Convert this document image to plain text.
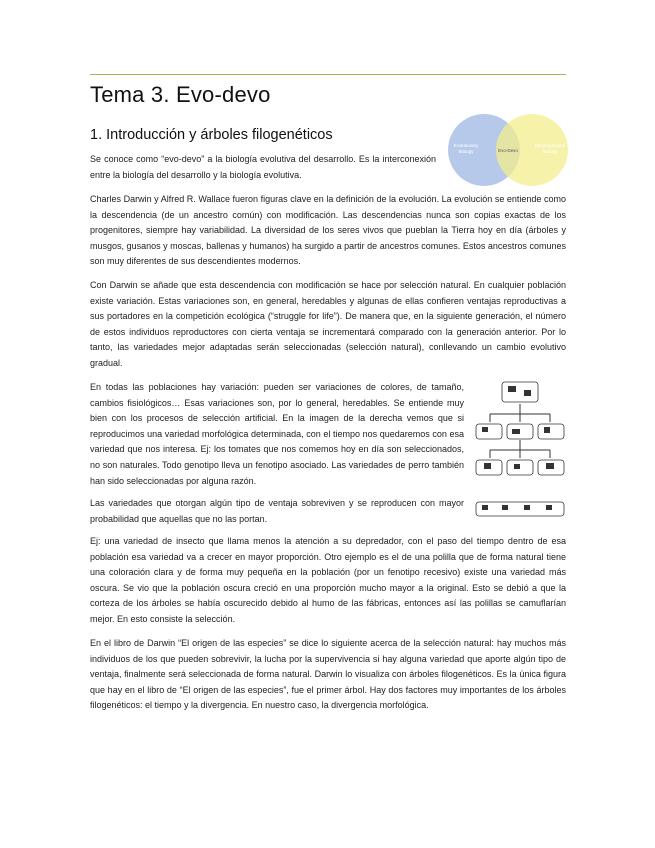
Tema 3. Evo-devo
1. Introducción y árboles filogenéticos
Evolutionary
Biology	Evo-Devo
Developmental
Biology
Se conoce como “evo-devo” a la biología evolutiva del desarrollo. Es la interconexión entre la biología del desarrollo y la biología evolutiva.
Charles Darwin y Alfred R. Wallace fueron figuras clave en la definición de la evolución. La evolución se entiende como la descendencia (de un ancestro común) con modificación. Las descendencias nunca son copias exactas de los progenitores, siempre hay variabilidad. La diversidad de los seres vivos que pueblan la Tierra hoy en día (árboles y musgos, gusanos y moscas, ballenas y humanos) ha surgido a partir de ancestros comunes. Estos ancestros comunes son muy diferentes de sus descendientes modernos.
Con Darwin se añade que esta descendencia con modificación se hace por selección natural. En cualquier población existe variación. Estas variaciones son, en general, heredables y algunas de ellas confieren ventajas reproductivas a sus portadores en la competición ecológica (“struggle for life”). De manera que, en la siguiente generación, el número de estos individuos reproductores con cierta ventaja se incrementará comparado con la generación anterior. Por lo tanto, las variedades mejor adaptadas serán seleccionadas (selección natural), conllevando un cambio evolutivo gradual.
En todas las poblaciones hay variación: pueden ser variaciones de colores, de tamaño, cambios fisiológicos… Esas variaciones son, por lo general, heredables. Se entiende muy bien con los procesos de selección artificial. En la imagen de la derecha vemos que si reproducimos una variedad morfológica determinada, con el tiempo nos quedaremos con esa variedad que nos interesa. Ej: los tomates que nos comemos hoy en día son seleccionados, no son naturales. Todo genotipo lleva un fenotipo asociado. Las variedades de perro también han sido seleccionadas por alguna razón.
Las variedades que otorgan algún tipo de ventaja sobreviven y se reproducen con mayor probabilidad que aquellas que no las portan.
Ej: una variedad de insecto que llama menos la atención a su depredador, con el paso del tiempo dentro de esa población esa variedad va a crecer en mayor proporción. Otro ejemplo es el de una polilla que de forma natural tiene una coloración clara y de forma muy pequeña en la población (por un fenotipo recesivo) existe una variedad más oscura. Se vio que la población oscura creció en una proporción mucho mayor a la original. Esto se debió a que la corteza de los árboles se había oscurecido debido al humo de las fábricas, entonces así las polillas se camuflarían mejor. En esto consiste la selección.
En el libro de Darwin “El origen de las especies” se dice lo siguiente acerca de la selección natural: hay muchos más individuos de los que pueden sobrevivir, la lucha por la supervivencia si hay alguna variedad que aporte algún tipo de ventaja, finalmente será seleccionada de forma natural. Darwin lo visualiza con árboles filogenéticos. Es la única figura que hay en el libro de “El origen de las especies”, fue el primer árbol. Hay dos factores muy importantes de los árboles filogenéticos: el tiempo y la divergencia. En nuestro caso, la divergencia morfológica.
